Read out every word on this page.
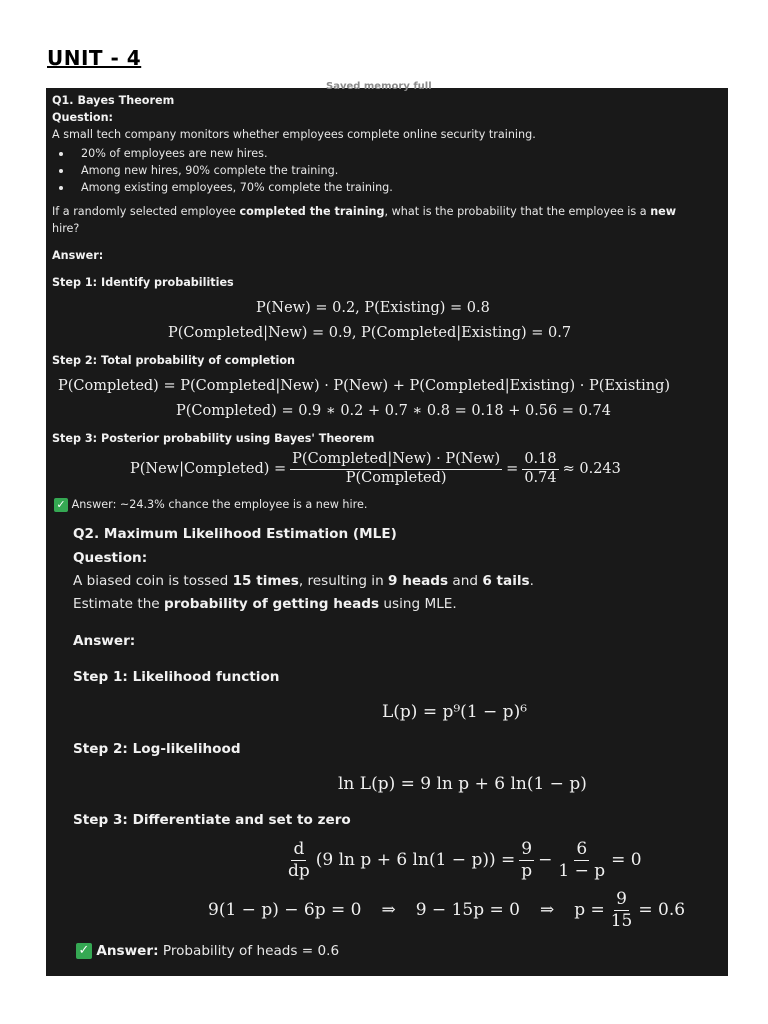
UNIT - 4
Saved memory full
Q1. Bayes Theorem
Question:
A small tech company monitors whether employees complete online security training.
20% of employees are new hires.
Among new hires, 90% complete the training.
Among existing employees, 70% complete the training.
If a randomly selected employee completed the training, what is the probability that the employee is a new
hire?
Answer:
Step 1: Identify probabilities
P(New) = 0.2, P(Existing) = 0.8
P(Completed|New) = 0.9, P(Completed|Existing) = 0.7
Step 2: Total probability of completion
P(Completed) = P(Completed|New) · P(New) + P(Completed|Existing) · P(Existing)
P(Completed) = 0.9 ∗ 0.2 + 0.7 ∗ 0.8 = 0.18 + 0.56 = 0.74
Step 3: Posterior probability using Bayes' Theorem
P(New|Completed) = $\frac{\text{P(Completed|New) · P(New)}}{\text{P(Completed)}} = \frac{0.18}{0.74} \approx 0.243$
✓ Answer: ~24.3% chance the employee is a new hire.
Q2. Maximum Likelihood Estimation (MLE)
Question:
A biased coin is tossed 15 times, resulting in 9 heads and 6 tails.
Estimate the probability of getting heads using MLE.
Answer:
Step 1: Likelihood function
L(p) = p⁹(1 − p)⁶
Step 2: Log-likelihood
ln L(p) = 9 ln p + 6 ln(1 − p)
Step 3: Differentiate and set to zero
$\frac{d}{dp} (9$ ln p + 6 $\ln(1 - p)) = \frac{9}{p} - \frac{6}{1 - p} = 0$
9(1 − p) − 6p = 0 ⇒ 9 − 15p = 0 ⇒ $p = \frac{9}{15} = 0.6$
✓ Answer: Probability of heads = 0.6
